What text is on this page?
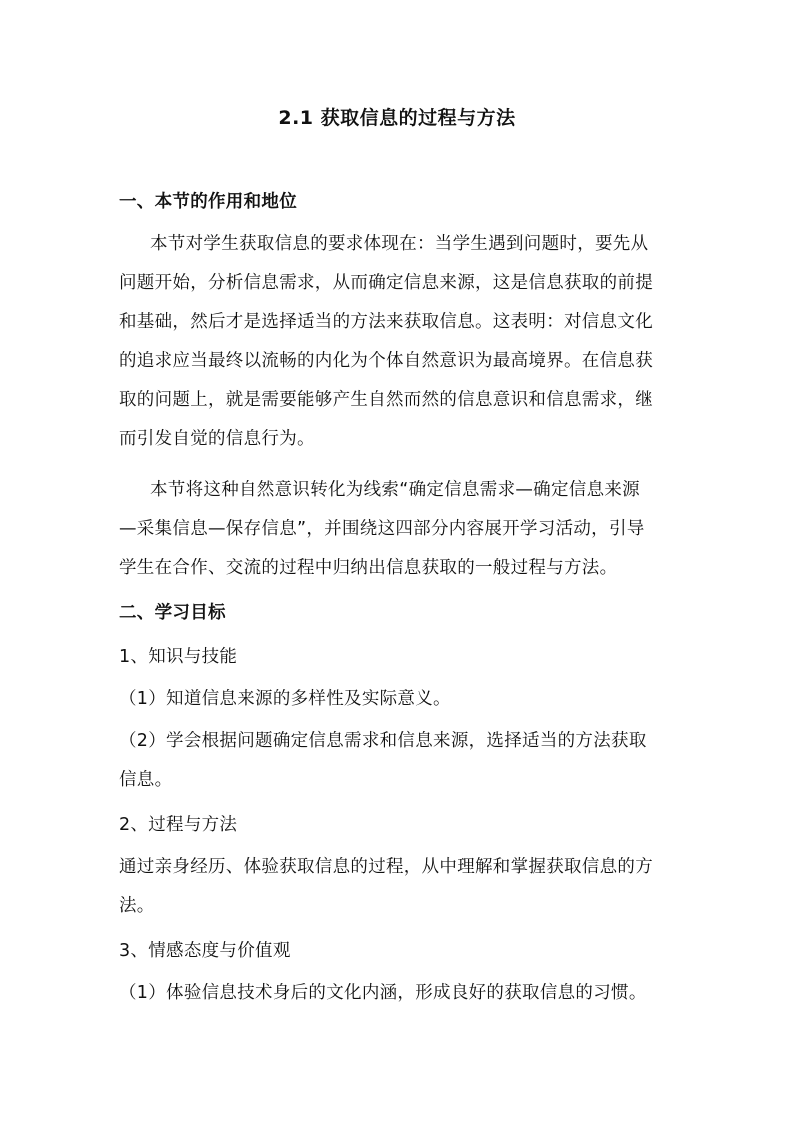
2.1 获取信息的过程与方法
一、本节的作用和地位
本节对学生获取信息的要求体现在：当学生遇到问题时，要先从
问题开始，分析信息需求，从而确定信息来源，这是信息获取的前提
和基础，然后才是选择适当的方法来获取信息。这表明：对信息文化
的追求应当最终以流畅的内化为个体自然意识为最高境界。在信息获
取的问题上，就是需要能够产生自然而然的信息意识和信息需求，继
而引发自觉的信息行为。
本节将这种自然意识转化为线索“确定信息需求—确定信息来源
—采集信息—保存信息”，并围绕这四部分内容展开学习活动，引导
学生在合作、交流的过程中归纳出信息获取的一般过程与方法。
二、学习目标
1、知识与技能
（1）知道信息来源的多样性及实际意义。
（2）学会根据问题确定信息需求和信息来源，选择适当的方法获取
信息。
2、过程与方法
通过亲身经历、体验获取信息的过程，从中理解和掌握获取信息的方
法。
3、情感态度与价值观
（1）体验信息技术身后的文化内涵，形成良好的获取信息的习惯。
